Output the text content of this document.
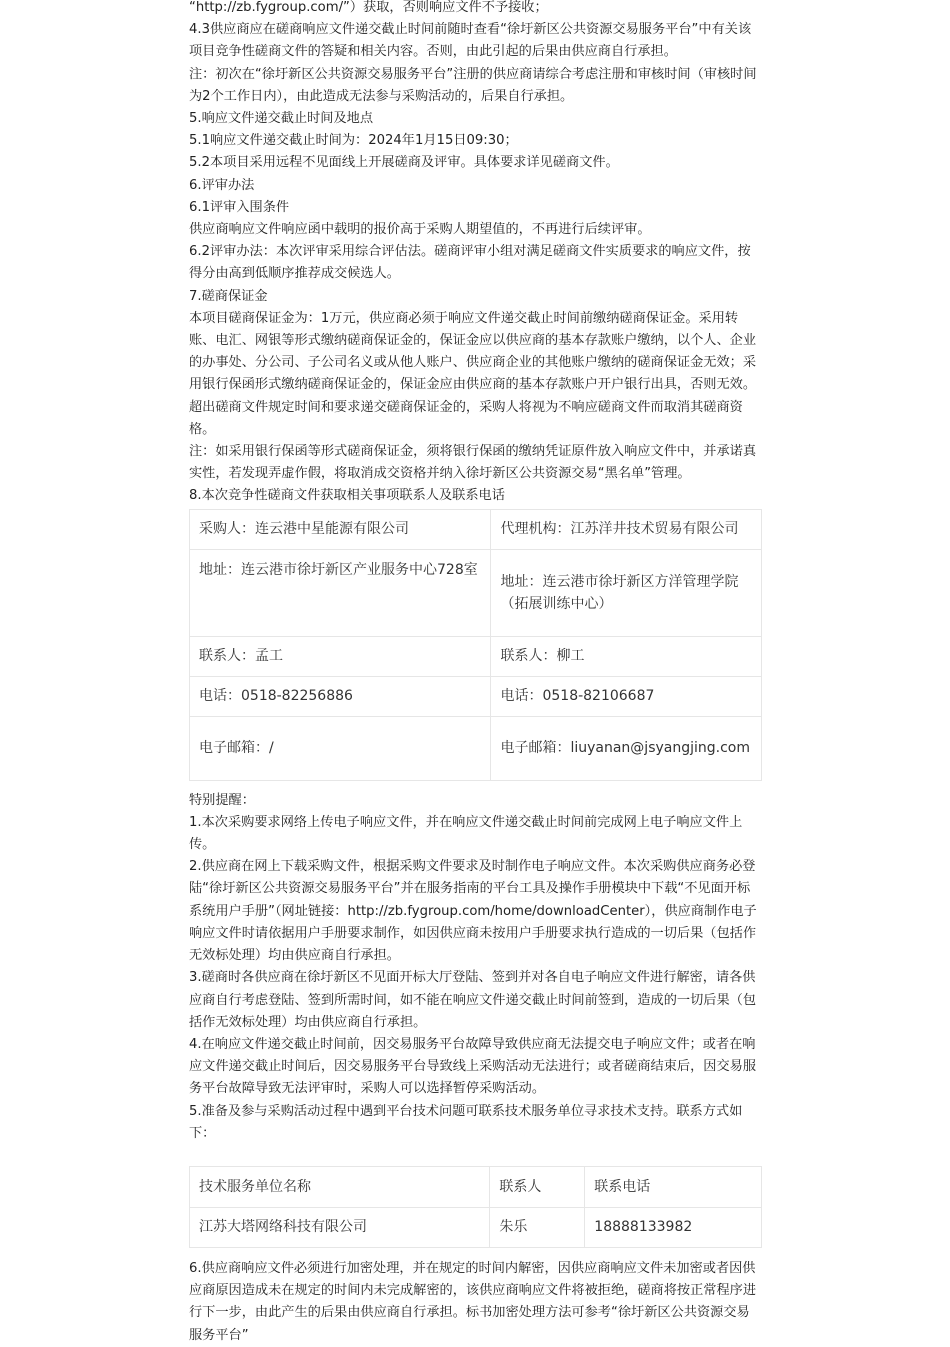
“http://zb.fygroup.com/”）获取，否则响应文件不予接收；

4.3供应商应在磋商响应文件递交截止时间前随时查看“徐圩新区公共资源交易服务平台”中有关该项目竞争性磋商文件的答疑和相关内容。否则，由此引起的后果由供应商自行承担。

注：初次在“徐圩新区公共资源交易服务平台”注册的供应商请综合考虑注册和审核时间（审核时间为2个工作日内），由此造成无法参与采购活动的，后果自行承担。

5.响应文件递交截止时间及地点

5.1响应文件递交截止时间为：2024年1月15日09:30；

5.2本项目采用远程不见面线上开展磋商及评审。具体要求详见磋商文件。

6.评审办法

6.1评审入围条件

供应商响应文件响应函中载明的报价高于采购人期望值的，不再进行后续评审。

6.2评审办法：本次评审采用综合评估法。磋商评审小组对满足磋商文件实质要求的响应文件，按得分由高到低顺序推荐成交候选人。

7.磋商保证金

本项目磋商保证金为：1万元，供应商必须于响应文件递交截止时间前缴纳磋商保证金。采用转账、电汇、网银等形式缴纳磋商保证金的，保证金应以供应商的基本存款账户缴纳，以个人、企业的办事处、分公司、子公司名义或从他人账户、供应商企业的其他账户缴纳的磋商保证金无效；采用银行保函形式缴纳磋商保证金的，保证金应由供应商的基本存款账户开户银行出具，否则无效。超出磋商文件规定时间和要求递交磋商保证金的，采购人将视为不响应磋商文件而取消其磋商资格。

注：如采用银行保函等形式磋商保证金，须将银行保函的缴纳凭证原件放入响应文件中，并承诺真实性，若发现弄虚作假，将取消成交资格并纳入徐圩新区公共资源交易“黑名单”管理。

8.本次竞争性磋商文件获取相关事项联系人及联系电话

采购人：连云港中星能源有限公司	代理机构：江苏洋井技术贸易有限公司
地址：连云港市徐圩新区产业服务中心728室	地址：连云港市徐圩新区方洋管理学院（拓展训练中心）
联系人：孟工	联系人：柳工
电话：0518-82256886	电话：0518-82106687
电子邮箱：/	电子邮箱：liuyanan@jsyangjing.com

特别提醒：

1.本次采购要求网络上传电子响应文件，并在响应文件递交截止时间前完成网上电子响应文件上传。

2.供应商在网上下载采购文件，根据采购文件要求及时制作电子响应文件。本次采购供应商务必登陆“徐圩新区公共资源交易服务平台”并在服务指南的平台工具及操作手册模块中下载“不见面开标系统用户手册”（网址链接：http://zb.fygroup.com/home/downloadCenter），供应商制作电子响应文件时请依据用户手册要求制作，如因供应商未按用户手册要求执行造成的一切后果（包括作无效标处理）均由供应商自行承担。

3.磋商时各供应商在徐圩新区不见面开标大厅登陆、签到并对各自电子响应文件进行解密，请各供应商自行考虑登陆、签到所需时间，如不能在响应文件递交截止时间前签到，造成的一切后果（包括作无效标处理）均由供应商自行承担。

4.在响应文件递交截止时间前，因交易服务平台故障导致供应商无法提交电子响应文件；或者在响应文件递交截止时间后，因交易服务平台导致线上采购活动无法进行；或者磋商结束后，因交易服务平台故障导致无法评审时，采购人可以选择暂停采购活动。

5.准备及参与采购活动过程中遇到平台技术问题可联系技术服务单位寻求技术支持。联系方式如下：

技术服务单位名称	联系人	联系电话
江苏大塔网络科技有限公司	朱乐	18888133982

6.供应商响应文件必须进行加密处理，并在规定的时间内解密，因供应商响应文件未加密或者因供应商原因造成未在规定的时间内未完成解密的，该供应商响应文件将被拒绝，磋商将按正常程序进行下一步，由此产生的后果由供应商自行承担。标书加密处理方法可参考“徐圩新区公共资源交易服务平台”
